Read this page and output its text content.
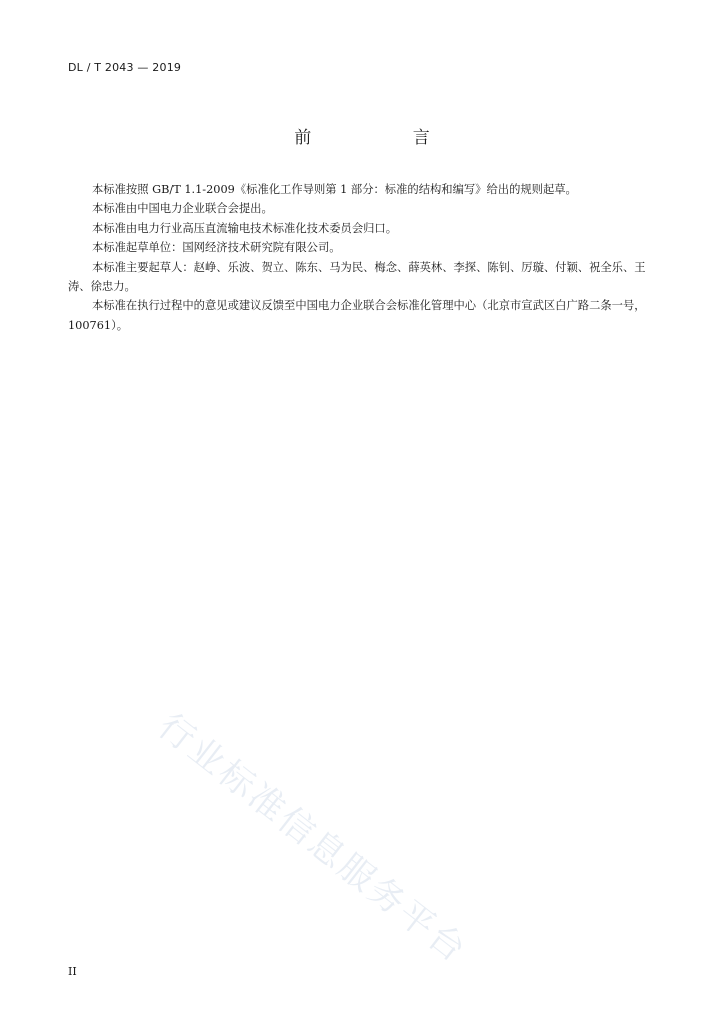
DL / T 2043 — 2019
前 言

本标准按照 GB/T 1.1-2009《标准化工作导则第 1 部分：标准的结构和编写》给出的规则起草。

本标准由中国电力企业联合会提出。

本标准由电力行业高压直流输电技术标准化技术委员会归口。

本标准起草单位：国网经济技术研究院有限公司。

本标准主要起草人：赵峥、乐波、贺立、陈东、马为民、梅念、薛英林、李探、陈钊、厉璇、付颖、祝全乐、王涛、徐忠力。

本标准在执行过程中的意见或建议反馈至中国电力企业联合会标准化管理中心（北京市宣武区白广路二条一号，100761）。

行业标准信息服务平台
II
